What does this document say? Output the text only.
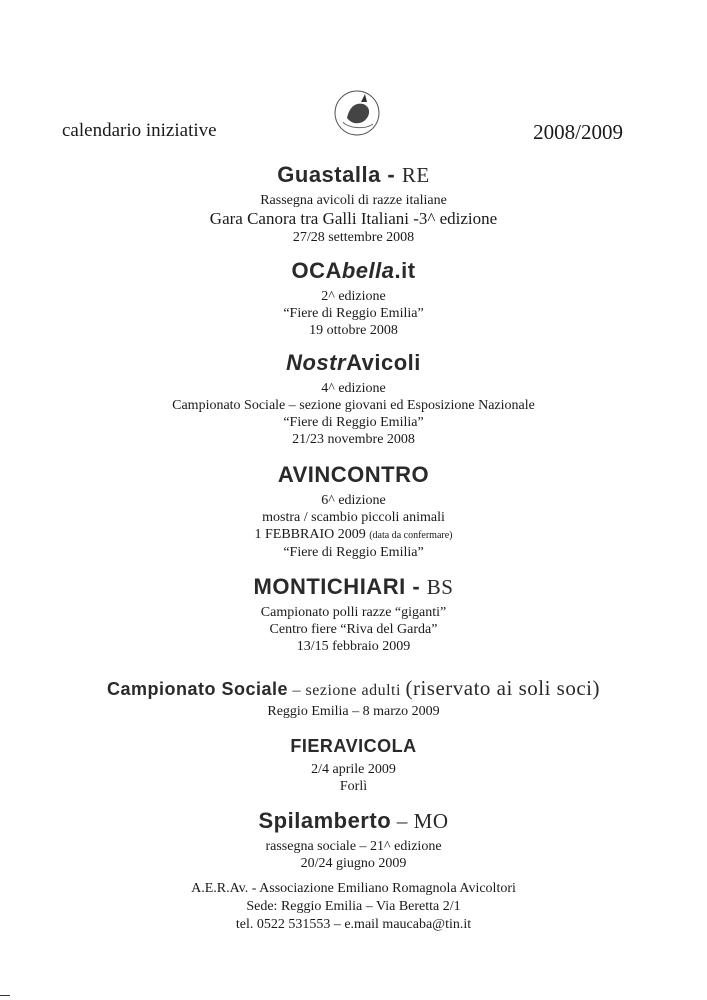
calendario iniziative	2008/2009
Guastalla - RE
Rassegna avicoli di razze italiane
Gara Canora tra Galli Italiani -3^ edizione
27/28 settembre 2008
OCAbella.it
2^ edizione
“Fiere di Reggio Emilia”
19 ottobre 2008
NostrAvicoli
4^ edizione
Campionato Sociale – sezione giovani ed Esposizione Nazionale
“Fiere di Reggio Emilia”
21/23 novembre 2008
AVINCONTRO
6^ edizione
mostra / scambio piccoli animali
1 FEBBRAIO 2009 (data da confermare)
“Fiere di Reggio Emilia”
MONTICHIARI - BS
Campionato polli razze “giganti”
Centro fiere “Riva del Garda”
13/15 febbraio 2009
Campionato Sociale – sezione adulti (riservato ai soli soci)
Reggio Emilia – 8 marzo 2009
FIERAVICOLA
2/4 aprile 2009
Forlì
Spilamberto – MO
rassegna sociale – 21^ edizione
20/24 giugno 2009
A.E.R.Av. - Associazione Emiliano Romagnola Avicoltori
Sede: Reggio Emilia – Via Beretta 2/1
tel. 0522 531553 – e.mail maucaba@tin.it
